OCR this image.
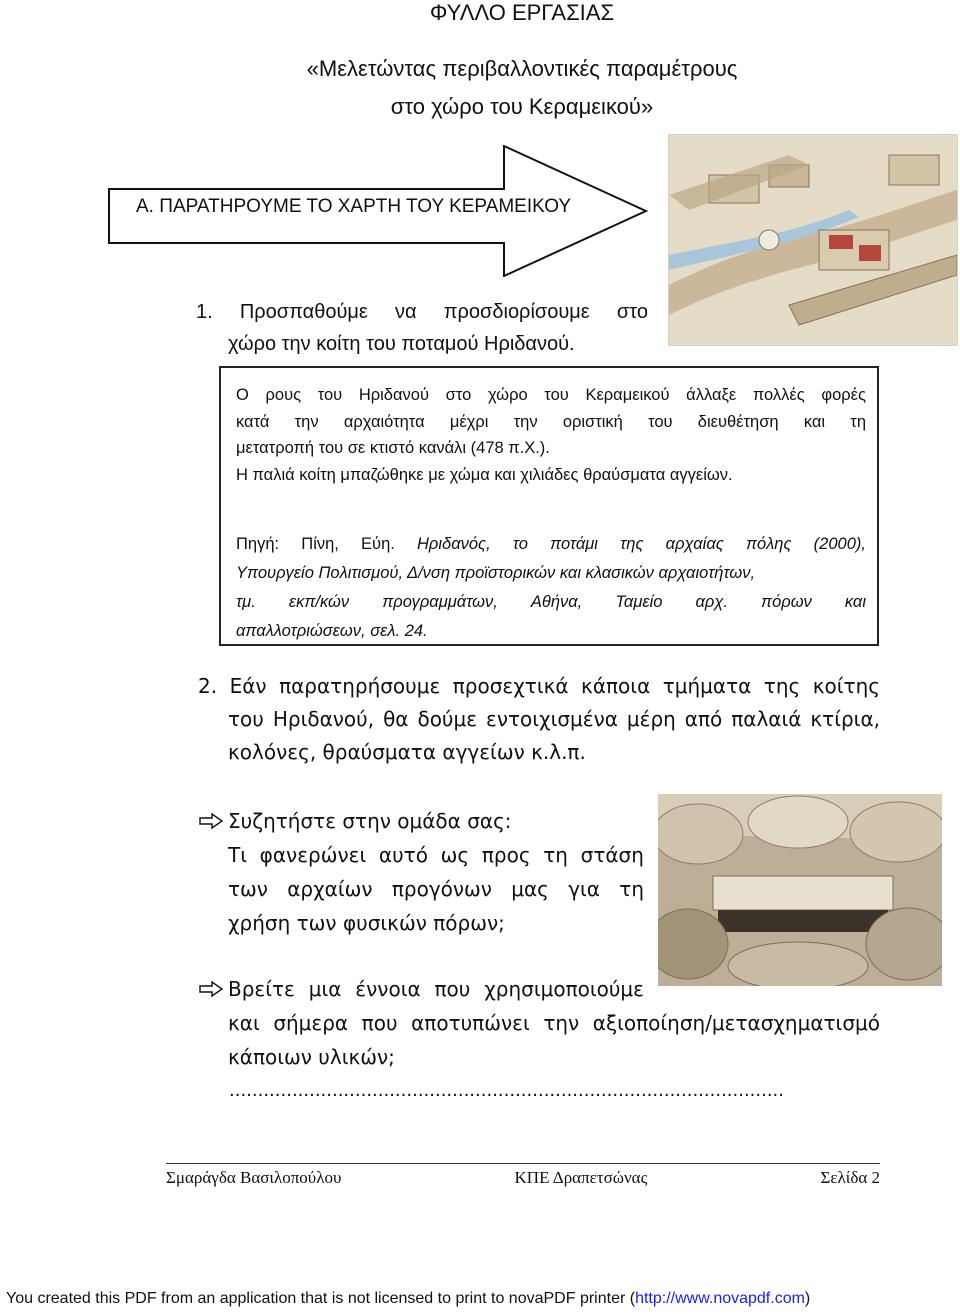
ΦΥΛΛΟ ΕΡΓΑΣΙΑΣ
«Μελετώντας περιβαλλοντικές παραμέτρους
στο χώρο του Κεραμεικού»
Α. ΠΑΡΑΤΗΡΟΥΜΕ ΤΟ ΧΑΡΤΗ ΤΟΥ ΚΕΡΑΜΕΙΚΟΥ
1. Προσπαθούμε να προσδιορίσουμε στο
χώρο την κοίτη του ποταμού Ηριδανού.
Ο ρους του Ηριδανού στο χώρο του Κεραμεικού άλλαξε πολλές φορές
κατά την αρχαιότητα μέχρι την οριστική του διευθέτηση και τη
μετατροπή του σε κτιστό κανάλι (478 π.Χ.).
Η παλιά κοίτη μπαζώθηκε με χώμα και χιλιάδες θραύσματα αγγείων.
Πηγή: Πίνη, Εύη. Ηριδανός, το ποτάμι της αρχαίας πόλης (2000),
Υπουργείο Πολιτισμού, Δ/νση προϊστορικών και κλασικών αρχαιοτήτων,
τμ. εκπ/κών προγραμμάτων, Αθήνα, Ταμείο αρχ. πόρων και
απαλλοτριώσεων, σελ. 24.
2. Εάν παρατηρήσουμε προσεχτικά κάποια τμήματα της κοίτης
του Ηριδανού, θα δούμε εντοιχισμένα μέρη από παλαιά κτίρια,
κολόνες, θραύσματα αγγείων κ.λ.π.
Συζητήστε στην ομάδα σας:
Τι φανερώνει αυτό ως προς τη στάση
των αρχαίων προγόνων μας για τη
χρήση των φυσικών πόρων;
Βρείτε μια έννοια που χρησιμοποιούμε
και σήμερα που αποτυπώνει την αξιοποίηση/μετασχηματισμό
κάποιων υλικών;
.................................................................................................
Σμαράγδα Βασιλοπούλου	ΚΠΕ Δραπετσώνας	Σελίδα 2
You created this PDF from an application that is not licensed to print to novaPDF printer (http://www.novapdf.com)
